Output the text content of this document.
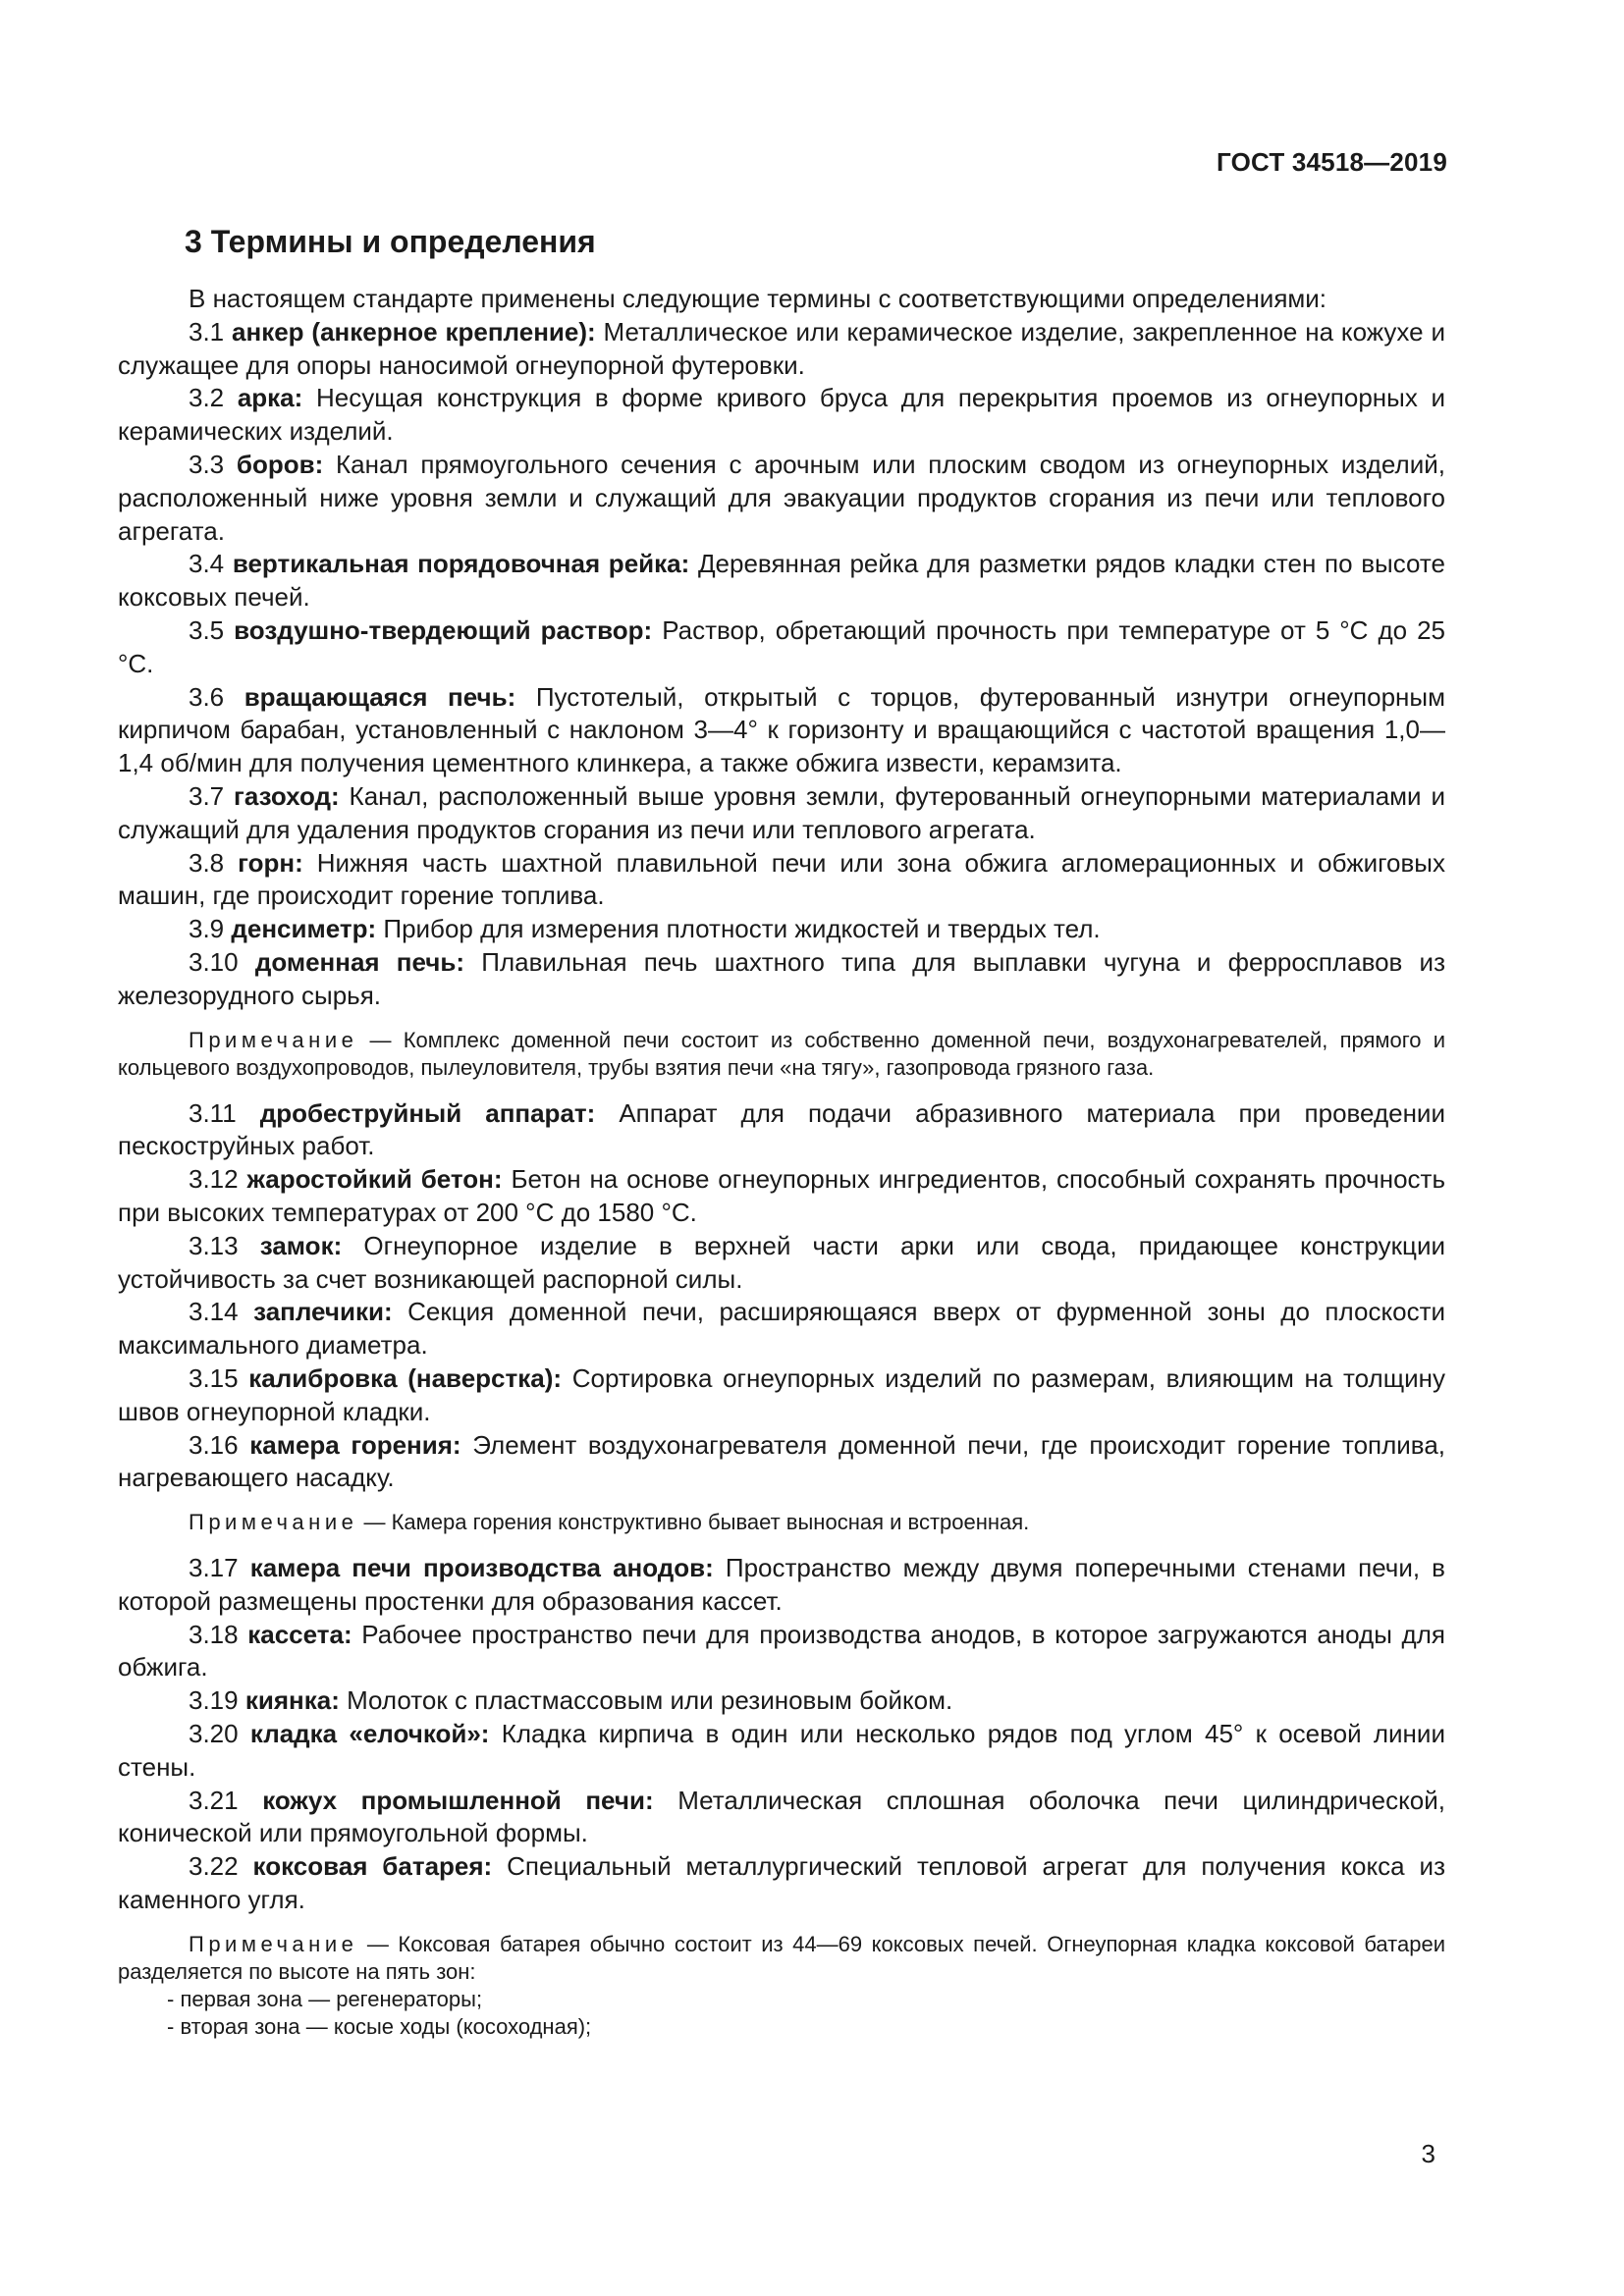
ГОСТ 34518—2019
3 Термины и определения

В настоящем стандарте применены следующие термины с соответствующими определениями:

3.1 анкер (анкерное крепление): Металлическое или керамическое изделие, закрепленное на кожухе и служащее для опоры наносимой огнеупорной футеровки.

3.2 арка: Несущая конструкция в форме кривого бруса для перекрытия проемов из огнеупорных и керамических изделий.

3.3 боров: Канал прямоугольного сечения с арочным или плоским сводом из огнеупорных изделий, расположенный ниже уровня земли и служащий для эвакуации продуктов сгорания из печи или теплового агрегата.

3.4 вертикальная порядовочная рейка: Деревянная рейка для разметки рядов кладки стен по высоте коксовых печей.

3.5 воздушно-твердеющий раствор: Раствор, обретающий прочность при температуре от 5 °С до 25 °С.

3.6 вращающаяся печь: Пустотелый, открытый с торцов, футерованный изнутри огнеупорным кирпичом барабан, установленный с наклоном 3—4° к горизонту и вращающийся с частотой вращения 1,0—1,4 об/мин для получения цементного клинкера, а также обжига извести, керамзита.

3.7 газоход: Канал, расположенный выше уровня земли, футерованный огнеупорными материалами и служащий для удаления продуктов сгорания из печи или теплового агрегата.

3.8 горн: Нижняя часть шахтной плавильной печи или зона обжига агломерационных и обжиговых машин, где происходит горение топлива.

3.9 денсиметр: Прибор для измерения плотности жидкостей и твердых тел.

3.10 доменная печь: Плавильная печь шахтного типа для выплавки чугуна и ферросплавов из железорудного сырья.

Примечание — Комплекс доменной печи состоит из собственно доменной печи, воздухонагревателей, прямого и кольцевого воздухопроводов, пылеуловителя, трубы взятия печи «на тягу», газопровода грязного газа.

3.11 дробеструйный аппарат: Аппарат для подачи абразивного материала при проведении пескоструйных работ.

3.12 жаростойкий бетон: Бетон на основе огнеупорных ингредиентов, способный сохранять прочность при высоких температурах от 200 °С до 1580 °С.

3.13 замок: Огнеупорное изделие в верхней части арки или свода, придающее конструкции устойчивость за счет возникающей распорной силы.

3.14 заплечики: Секция доменной печи, расширяющаяся вверх от фурменной зоны до плоскости максимального диаметра.

3.15 калибровка (наверстка): Сортировка огнеупорных изделий по размерам, влияющим на толщину швов огнеупорной кладки.

3.16 камера горения: Элемент воздухонагревателя доменной печи, где происходит горение топлива, нагревающего насадку.

Примечание — Камера горения конструктивно бывает выносная и встроенная.

3.17 камера печи производства анодов: Пространство между двумя поперечными стенами печи, в которой размещены простенки для образования кассет.

3.18 кассета: Рабочее пространство печи для производства анодов, в которое загружаются аноды для обжига.

3.19 киянка: Молоток с пластмассовым или резиновым бойком.

3.20 кладка «елочкой»: Кладка кирпича в один или несколько рядов под углом 45° к осевой линии стены.

3.21 кожух промышленной печи: Металлическая сплошная оболочка печи цилиндрической, конической или прямоугольной формы.

3.22 коксовая батарея: Специальный металлургический тепловой агрегат для получения кокса из каменного угля.

Примечание — Коксовая батарея обычно состоит из 44—69 коксовых печей. Огнеупорная кладка коксовой батареи разделяется по высоте на пять зон:

- первая зона — регенераторы;
- вторая зона — косые ходы (косоходная);
3
